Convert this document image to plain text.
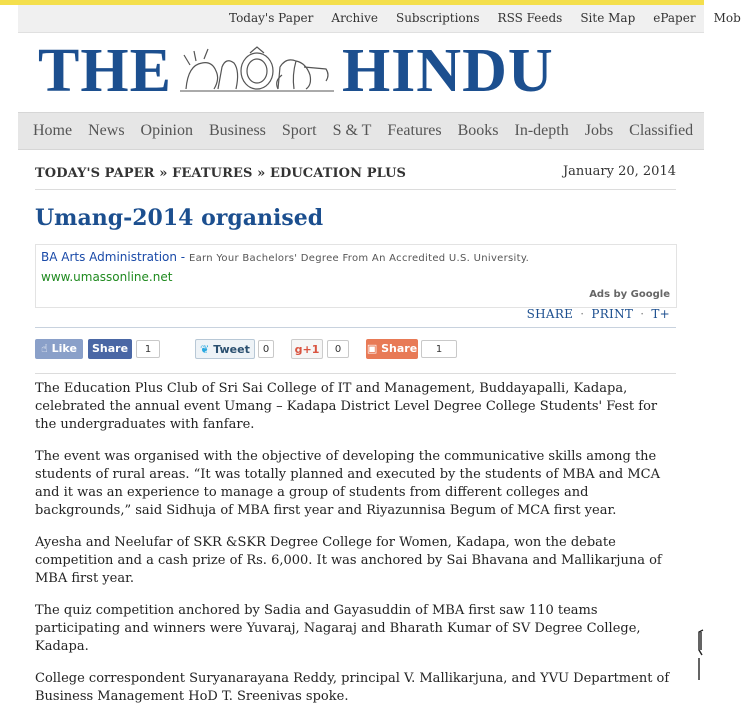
Today's Paper	Archive	Subscriptions	RSS Feeds	Site Map	ePaper	Mob
THE	HINDU
Home	News	Opinion	Business	Sport	S & T	Features	Books	In-depth	Jobs	Classified
TODAY'S PAPER » FEATURES » EDUCATION PLUS	January 20, 2014
Umang-2014 organised
BA Arts Administration - Earn Your Bachelors' Degree From An Accredited U.S. University.
www.umassonline.net
Ads by Google
SHARE · PRINT · T+
☝ Like	Share	1	❦ Tweet	0	g+1	0	▣ Share	1

The Education Plus Club of Sri Sai College of IT and Management, Buddayapalli, Kadapa, celebrated the annual event Umang – Kadapa District Level Degree College Students' Fest for the undergraduates with fanfare.

The event was organised with the objective of developing the communicative skills among the students of rural areas. “It was totally planned and executed by the students of MBA and MCA and it was an experience to manage a group of students from different colleges and backgrounds,” said Sidhuja of MBA first year and Riyazunnisa Begum of MCA first year.

Ayesha and Neelufar of SKR &SKR Degree College for Women, Kadapa, won the debate competition and a cash prize of Rs. 6,000. It was anchored by Sai Bhavana and Mallikarjuna of MBA first year.

The quiz competition anchored by Sadia and Gayasuddin of MBA first saw 110 teams participating and winners were Yuvaraj, Nagaraj and Bharath Kumar of SV Degree College, Kadapa.

College correspondent Suryanarayana Reddy, principal V. Mallikarjuna, and YVU Department of Business Management HoD T. Sreenivas spoke.
